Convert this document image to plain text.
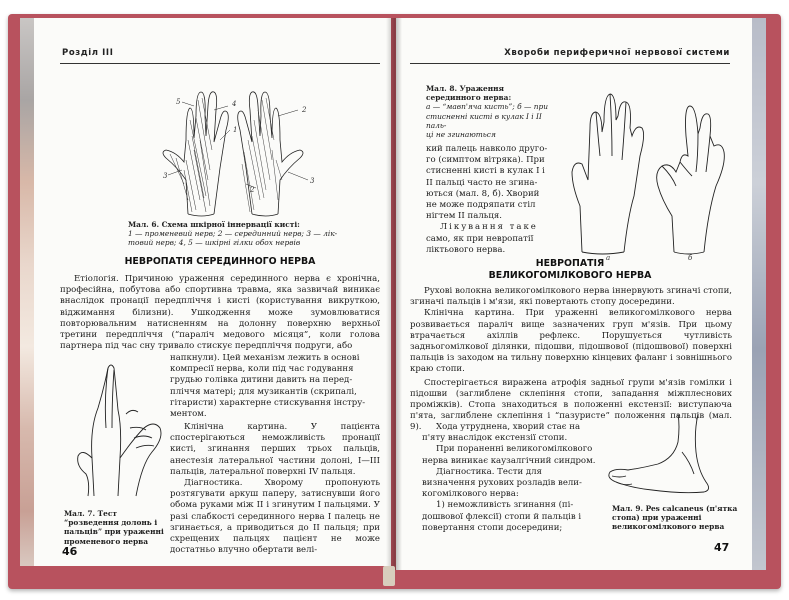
Розділ III
5	4
1
2
3
3
2
Мал. 6. Схема шкірної іннервації кисті:
1 — променевий нерв; 2 — серединний нерв; 3 — лік-
товий нерв; 4, 5 — шкірні гілки обох нервів
НЕВРОПАТІЯ СЕРЕДИННОГО НЕРВА

Етіологія. Причиною ураження серединного нерва є хронічна, професійна, побутова або спортивна травма, яка зазвичай виникає внаслідок пронації передпліччя і кисті (користування викруткою, віджимання білизни). Ушкодження може зумовлюватися повторювальним натисненням на долонну поверхню верхньої третини передпліччя (“параліч медового місяця”, коли голова партнера під час сну тривало стискує передпліччя подруги, або

напкнули). Цей механізм лежить в основі
компресії нерва, коли під час годування
грудью голівка дитини давить на перед-
пліччя матері; для музикантів (скрипалі,
гітаристи) характерне стискування інстру-
ментом.

Клінічна картина. У пацієнта спостерігаються неможливість пронації кисті, згинання перших трьох пальців, анестезія латеральної частини долоні, I—III пальців, латеральної поверхні IV пальця.

Діагностика. Хворому пропонують розтягувати аркуш паперу, затиснувши його обома руками між II і згинутим I пальцями. У разі слабкості серединного нерва I палець не згинається, а приводиться до II пальця; при схрещених пальцях пацієнт не може достатньо влучно обертати велі-

Мал. 7. Тест “розведення долонь і пальців” при ураженні променевого нерва
46
Хвороби периферичної нервової системи
Мал. 8. Ураження серединного нерва:
а — “мавп'яча кисть”; б — при
стисненні кисті в кулак I і II паль-
ці не згинаються
кий палець навколо друго-
го (симптом вітряка). При
стисненні кисті в кулак I і
II пальці часто не згина-
ються (мал. 8, б). Хворий
не може подряпати стіл
нігтем II пальця.
Лікування таке
само, як при невропатії
ліктьового нерва.
а	б
НЕВРОПАТІЯ
ВЕЛИКОГОМІЛКОВОГО НЕРВА

Рухові волокна великогомілкового нерва іннервують згиначі стопи, згиначі пальців і м'язи, які повертають стопу досередини.

Клінічна картина. При ураженні великогомілкового нерва розвивається параліч вище зазначених груп м'язів. При цьому втрачається ахіллів рефлекс. Порушується чутливість задньогомілкової ділянки, підошви, підошвової (підошвової) поверхні пальців із заходом на тильну поверхню кінцевих фаланг і зовнішнього краю стопи.

Спостерігається виражена атрофія задньої групи м'язів гомілки і підошви (заглиблене склепіння стопи, западання міжплеснових проміжків). Стопа знаходиться в положенні екстензії: виступаюча п'ята, заглиблене склепіння і “пазуристе” положення пальців (мал. 9).	Хода утруднена, хворий стає на
п'яту внаслідок екстензії стопи.
При пораненні великогомілкового
нерва виникає каузалгічний синдром.
Діагностика. Тести для
визначення рухових розладів вели-
когомілкового нерва:
1) неможливість згинання (пі-
дошвової флексії) стопи й пальців і
повертання стопи досередини;
Мал. 9. Pes calcaneus (п'ятка стопа) при ураженні великогомілкового нерва
47
